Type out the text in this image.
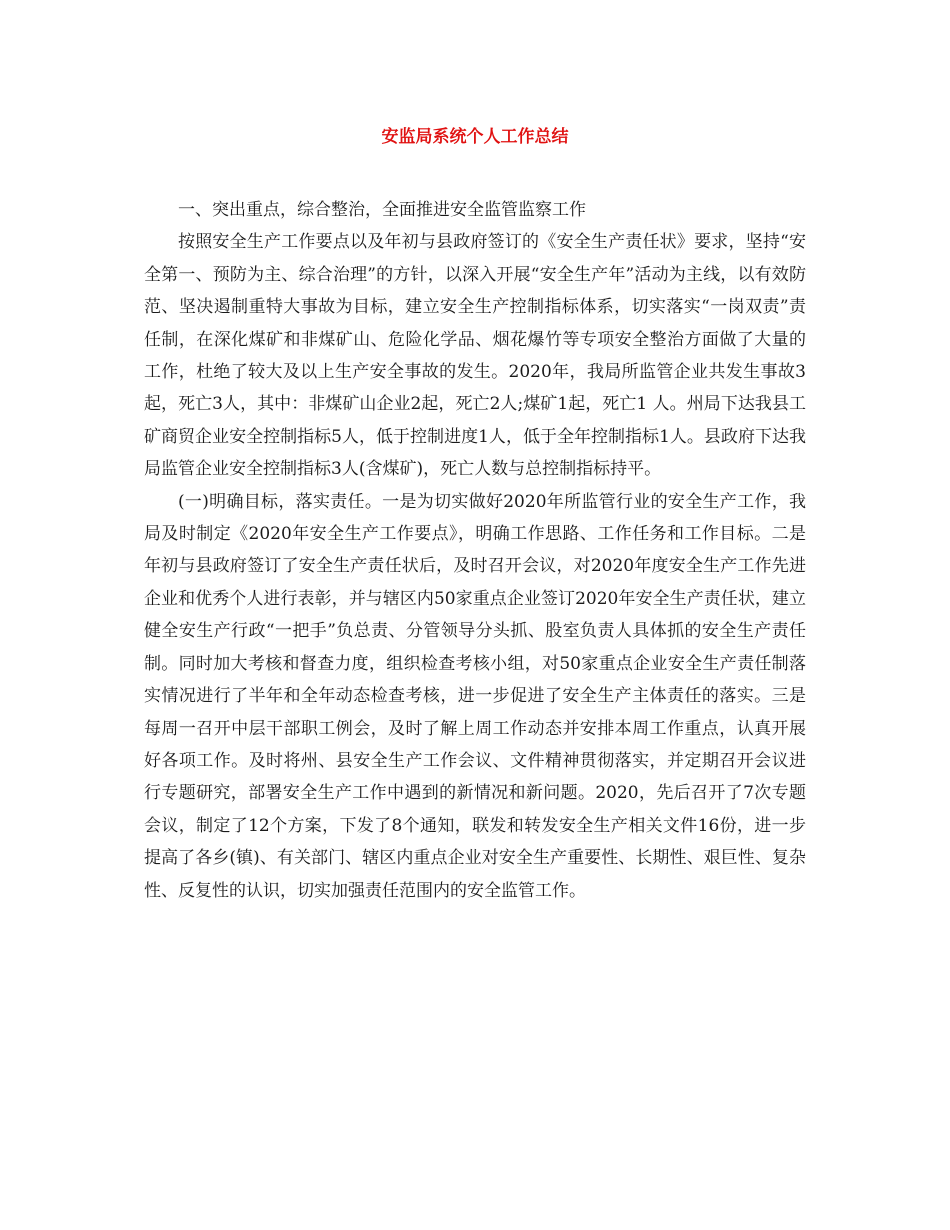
安监局系统个人工作总结

一、突出重点，综合整治，全面推进安全监管监察工作

按照安全生产工作要点以及年初与县政府签订的《安全生产责任状》要求，坚持“安全第一、预防为主、综合治理”的方针，以深入开展“安全生产年”活动为主线，以有效防范、坚决遏制重特大事故为目标，建立安全生产控制指标体系，切实落实“一岗双责”责任制，在深化煤矿和非煤矿山、危险化学品、烟花爆竹等专项安全整治方面做了大量的工作，杜绝了较大及以上生产安全事故的发生。2020年，我局所监管企业共发生事故3起，死亡3人，其中：非煤矿山企业2起，死亡2人;煤矿1起，死亡1 人。州局下达我县工矿商贸企业安全控制指标5人，低于控制进度1人，低于全年控制指标1人。县政府下达我局监管企业安全控制指标3人(含煤矿)，死亡人数与总控制指标持平。

(一)明确目标，落实责任。一是为切实做好2020年所监管行业的安全生产工作，我局及时制定《2020年安全生产工作要点》，明确工作思路、工作任务和工作目标。二是年初与县政府签订了安全生产责任状后，及时召开会议，对2020年度安全生产工作先进企业和优秀个人进行表彰，并与辖区内50家重点企业签订2020年安全生产责任状，建立健全安生产行政“一把手”负总责、分管领导分头抓、股室负责人具体抓的安全生产责任制。同时加大考核和督查力度，组织检查考核小组，对50家重点企业安全生产责任制落实情况进行了半年和全年动态检查考核，进一步促进了安全生产主体责任的落实。三是每周一召开中层干部职工例会，及时了解上周工作动态并安排本周工作重点，认真开展好各项工作。及时将州、县安全生产工作会议、文件精神贯彻落实，并定期召开会议进行专题研究，部署安全生产工作中遇到的新情况和新问题。2020，先后召开了7次专题会议，制定了12个方案，下发了8个通知，联发和转发安全生产相关文件16份，进一步提高了各乡(镇)、有关部门、辖区内重点企业对安全生产重要性、长期性、艰巨性、复杂性、反复性的认识，切实加强责任范围内的安全监管工作。
